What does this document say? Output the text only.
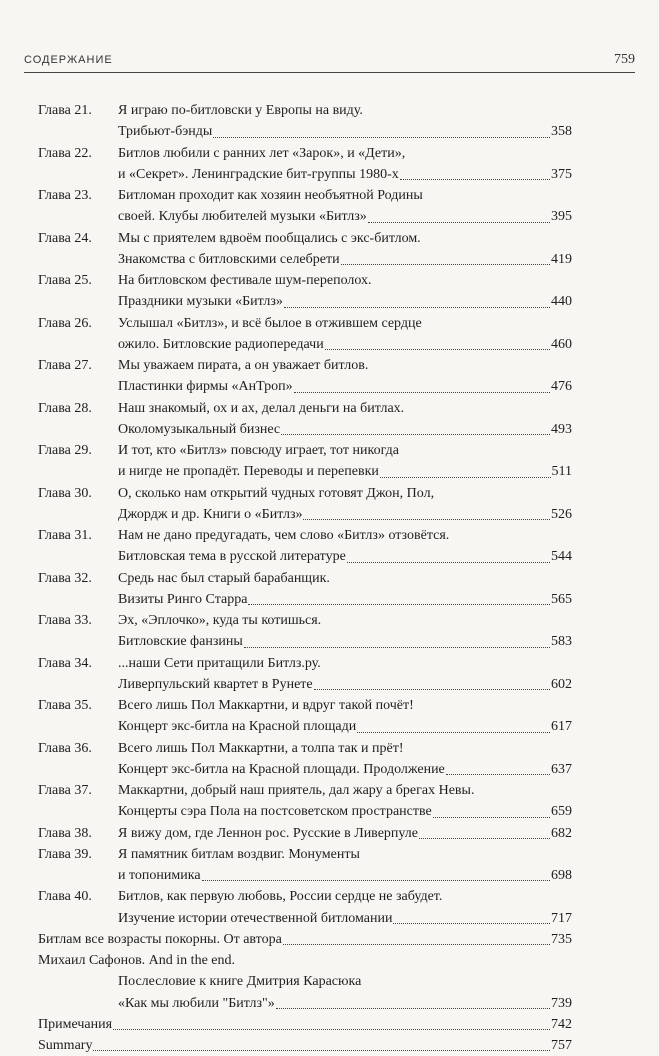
СОДЕРЖАНИЕ	759
Глава 21.	Я играю по-битловски у Европы на виду.
Трибьют-бэнды	358
Глава 22.	Битлов любили с ранних лет «Зарок», и «Дети»,
и «Секрет». Ленинградские бит-группы 1980-х	375
Глава 23.	Битломан проходит как хозяин необъятной Родины
своей. Клубы любителей музыки «Битлз»	395
Глава 24.	Мы с приятелем вдвоём пообщались с экс-битлом.
Знакомства с битловскими селебрети	419
Глава 25.	На битловском фестивале шум-переполох.
Праздники музыки «Битлз»	440
Глава 26.	Услышал «Битлз», и всё былое в отжившем сердце
ожило. Битловские радиопередачи	460
Глава 27.	Мы уважаем пирата, а он уважает битлов.
Пластинки фирмы «АнТроп»	476
Глава 28.	Наш знакомый, ох и ах, делал деньги на битлах.
Околомузыкальный бизнес	493
Глава 29.	И тот, кто «Битлз» повсюду играет, тот никогда
и нигде не пропадёт. Переводы и перепевки	511
Глава 30.	О, сколько нам открытий чудных готовят Джон, Пол,
Джордж и др. Книги о «Битлз»	526
Глава 31.	Нам не дано предугадать, чем слово «Битлз» отзовётся.
Битловская тема в русской литературе	544
Глава 32.	Средь нас был старый барабанщик.
Визиты Ринго Старра	565
Глава 33.	Эх, «Эплочко», куда ты котишься.
Битловские фанзины	583
Глава 34.	...наши Сети притащили Битлз.ру.
Ливерпульский квартет в Рунете	602
Глава 35.	Всего лишь Пол Маккартни, и вдруг такой почёт!
Концерт экс-битла на Красной площади	617
Глава 36.	Всего лишь Пол Маккартни, а толпа так и прёт!
Концерт экс-битла на Красной площади. Продолжение	637
Глава 37.	Маккартни, добрый наш приятель, дал жару а брегах Невы.
Концерты сэра Пола на постсоветском пространстве	659
Глава 38.	Я вижу дом, где Леннон рос. Русские в Ливерпуле	682
Глава 39.	Я памятник битлам воздвиг. Монументы
и топонимика	698
Глава 40.	Битлов, как первую любовь, России сердце не забудет.
Изучение истории отечественной битломании	717
Битлам все возрасты покорны. От автора	735
Михаил Сафонов. And in the end.
Послесловие к книге Дмитрия Карасюка
«Как мы любили "Битлз"»	739
Примечания	742
Summary	757
